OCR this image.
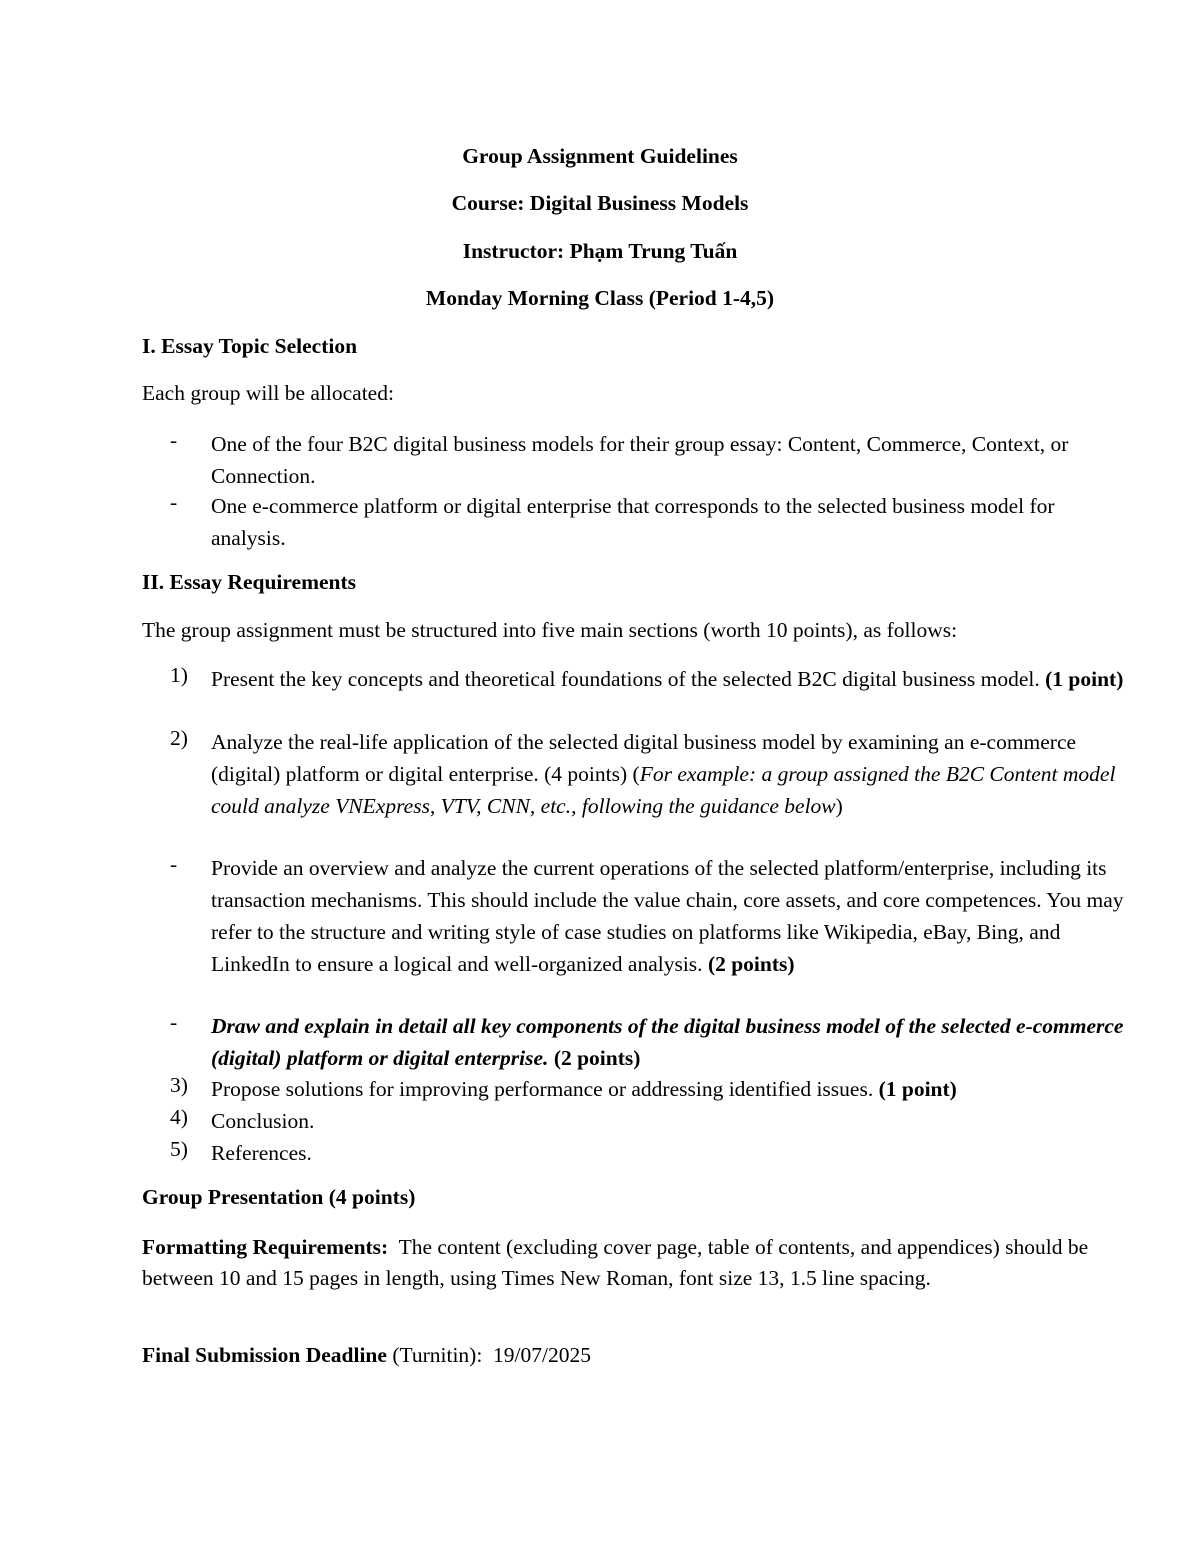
Group Assignment Guidelines
Course: Digital Business Models
Instructor: Phạm Trung Tuấn
Monday Morning Class (Period 1-4,5)
I. Essay Topic Selection
Each group will be allocated:
-	One of the four B2C digital business models for their group essay: Content, Commerce, Context, or Connection.
-	One e-commerce platform or digital enterprise that corresponds to the selected business model for analysis.
II. Essay Requirements
The group assignment must be structured into five main sections (worth 10 points), as follows:
1)	Present the key concepts and theoretical foundations of the selected B2C digital business model. (1 point)
2)	Analyze the real-life application of the selected digital business model by examining an e-commerce (digital) platform or digital enterprise. (4 points) (For example: a group assigned the B2C Content model could analyze VNExpress, VTV, CNN, etc., following the guidance below)
-	Provide an overview and analyze the current operations of the selected platform/enterprise, including its transaction mechanisms. This should include the value chain, core assets, and core competences. You may refer to the structure and writing style of case studies on platforms like Wikipedia, eBay, Bing, and LinkedIn to ensure a logical and well-organized analysis. (2 points)
-	Draw and explain in detail all key components of the digital business model of the selected e-commerce (digital) platform or digital enterprise. (2 points)
3)	Propose solutions for improving performance or addressing identified issues. (1 point)
4)	Conclusion.
5)	References.
Group Presentation (4 points)
Formatting Requirements:  The content (excluding cover page, table of contents, and appendices) should be between 10 and 15 pages in length, using Times New Roman, font size 13, 1.5 line spacing.
Final Submission Deadline (Turnitin):  19/07/2025
